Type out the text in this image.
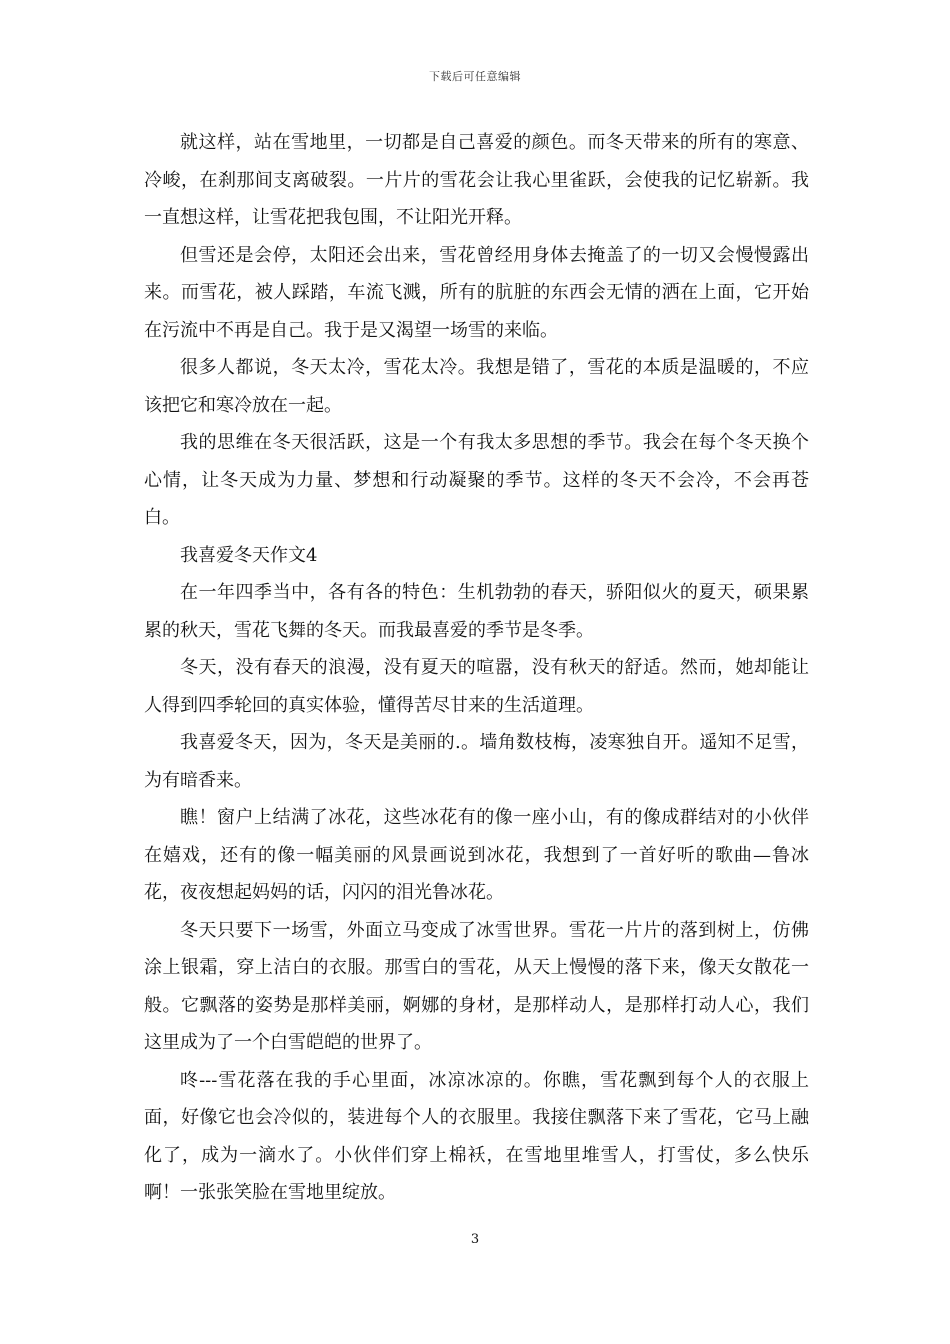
下载后可任意编辑

就这样，站在雪地里，一切都是自己喜爱的颜色。而冬天带来的所有的寒意、冷峻，在刹那间支离破裂。一片片的雪花会让我心里雀跃，会使我的记忆崭新。我一直想这样，让雪花把我包围，不让阳光开释。

但雪还是会停，太阳还会出来，雪花曾经用身体去掩盖了的一切又会慢慢露出来。而雪花，被人踩踏，车流飞溅，所有的肮脏的东西会无情的洒在上面，它开始在污流中不再是自己。我于是又渴望一场雪的来临。

很多人都说，冬天太冷，雪花太冷。我想是错了，雪花的本质是温暖的，不应该把它和寒冷放在一起。

我的思维在冬天很活跃，这是一个有我太多思想的季节。我会在每个冬天换个心情，让冬天成为力量、梦想和行动凝聚的季节。这样的冬天不会冷，不会再苍白。

我喜爱冬天作文4

在一年四季当中，各有各的特色：生机勃勃的春天，骄阳似火的夏天，硕果累累的秋天，雪花飞舞的冬天。而我最喜爱的季节是冬季。

冬天，没有春天的浪漫，没有夏天的喧嚣，没有秋天的舒适。然而，她却能让人得到四季轮回的真实体验，懂得苦尽甘来的生活道理。

我喜爱冬天，因为，冬天是美丽的.。墙角数枝梅，凌寒独自开。遥知不足雪，为有暗香来。

瞧！窗户上结满了冰花，这些冰花有的像一座小山，有的像成群结对的小伙伴在嬉戏，还有的像一幅美丽的风景画说到冰花，我想到了一首好听的歌曲—鲁冰花，夜夜想起妈妈的话，闪闪的泪光鲁冰花。

冬天只要下一场雪，外面立马变成了冰雪世界。雪花一片片的落到树上，仿佛涂上银霜，穿上洁白的衣服。那雪白的雪花，从天上慢慢的落下来，像天女散花一般。它飘落的姿势是那样美丽，婀娜的身材，是那样动人，是那样打动人心，我们这里成为了一个白雪皑皑的世界了。

咚---雪花落在我的手心里面，冰凉冰凉的。你瞧，雪花飘到每个人的衣服上面，好像它也会冷似的，装进每个人的衣服里。我接住飘落下来了雪花，它马上融化了，成为一滴水了。小伙伴们穿上棉袄，在雪地里堆雪人，打雪仗，多么快乐啊！一张张笑脸在雪地里绽放。

3
